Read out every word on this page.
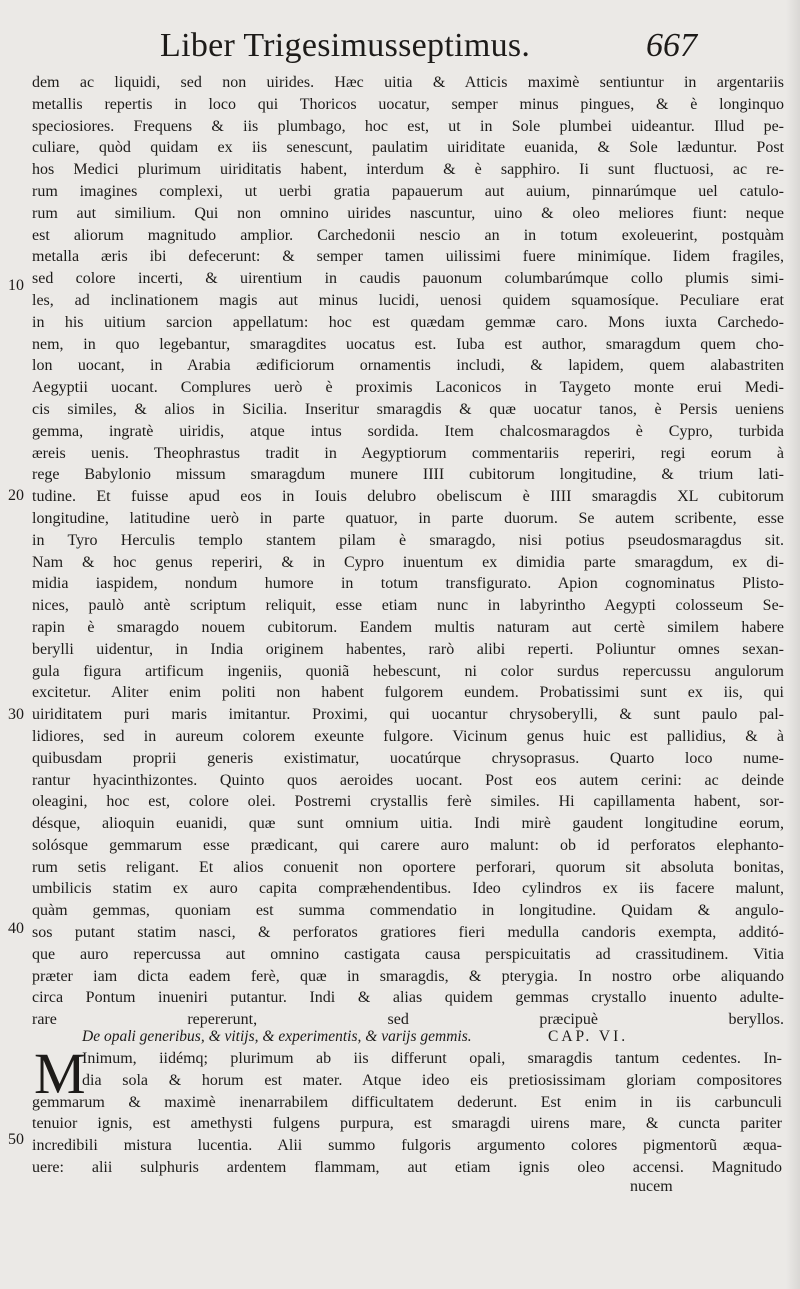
Liber Trigesimusseptimus.	667
10
20
30
40
50
dem ac liquidi, sed non uirides. Hæc uitia & Atticis maximè sentiuntur in argentariis
metallis repertis in loco qui Thoricos uocatur, semper minus pingues, & è longinquo
speciosiores. Frequens & iis plumbago, hoc est, ut in Sole plumbei uideantur. Illud pe-
culiare, quòd quidam ex iis senescunt, paulatim uiriditate euanida, & Sole læduntur. Post
hos Medici plurimum uiriditatis habent, interdum & è sapphiro. Ii sunt fluctuosi, ac re-
rum imagines complexi, ut uerbi gratia papauerum aut auium, pinnarúmque uel catulo-
rum aut similium. Qui non omnino uirides nascuntur, uino & oleo meliores fiunt: neque
est aliorum magnitudo amplior. Carchedonii nescio an in totum exoleuerint, postquàm
metalla æris ibi defecerunt: & semper tamen uilissimi fuere minimíque. Iidem fragiles,
sed colore incerti, & uirentium in caudis pauonum columbarúmque collo plumis simi-
les, ad inclinationem magis aut minus lucidi, uenosi quidem squamosíque. Peculiare erat
in his uitium sarcion appellatum: hoc est quædam gemmæ caro. Mons iuxta Carchedo-
nem, in quo legebantur, smaragdites uocatus est. Iuba est author, smaragdum quem cho-
lon uocant, in Arabia ædificiorum ornamentis includi, & lapidem, quem alabastriten
Aegyptii uocant. Complures uerò è proximis Laconicos in Taygeto monte erui Medi-
cis similes, & alios in Sicilia. Inseritur smaragdis & quæ uocatur tanos, è Persis ueniens
gemma, ingratè uiridis, atque intus sordida. Item chalcosmaragdos è Cypro, turbida
æreis uenis. Theophrastus tradit in Aegyptiorum commentariis reperiri, regi eorum à
rege Babylonio missum smaragdum munere IIII cubitorum longitudine, & trium lati-
tudine. Et fuisse apud eos in Iouis delubro obeliscum è IIII smaragdis XL cubitorum
longitudine, latitudine uerò in parte quatuor, in parte duorum. Se autem scribente, esse
in Tyro Herculis templo stantem pilam è smaragdo, nisi potius pseudosmaragdus sit.
Nam & hoc genus reperiri, & in Cypro inuentum ex dimidia parte smaragdum, ex di-
midia iaspidem, nondum humore in totum transfigurato. Apion cognominatus Plisto-
nices, paulò antè scriptum reliquit, esse etiam nunc in labyrintho Aegypti colosseum Se-
rapin è smaragdo nouem cubitorum. Eandem multis naturam aut certè similem habere
berylli uidentur, in India originem habentes, rarò alibi reperti. Poliuntur omnes sexan-
gula figura artificum ingeniis, quoniã hebescunt, ni color surdus repercussu angulorum
excitetur. Aliter enim politi non habent fulgorem eundem. Probatissimi sunt ex iis, qui
uiriditatem puri maris imitantur. Proximi, qui uocantur chrysoberylli, & sunt paulo pal-
lidiores, sed in aureum colorem exeunte fulgore. Vicinum genus huic est pallidius, & à
quibusdam proprii generis existimatur, uocatúrque chrysoprasus. Quarto loco nume-
rantur hyacinthizontes. Quinto quos aeroides uocant. Post eos autem cerini: ac deinde
oleagini, hoc est, colore olei. Postremi crystallis ferè similes. Hi capillamenta habent, sor-
désque, alioquin euanidi, quæ sunt omnium uitia. Indi mirè gaudent longitudine eorum,
solósque gemmarum esse prædicant, qui carere auro malunt: ob id perforatos elephanto-
rum setis religant. Et alios conuenit non oportere perforari, quorum sit absoluta bonitas,
umbilicis statim ex auro capita compræhendentibus. Ideo cylindros ex iis facere malunt,
quàm gemmas, quoniam est summa commendatio in longitudine. Quidam & angulo-
sos putant statim nasci, & perforatos gratiores fieri medulla candoris exempta, additó-
que auro repercussa aut omnino castigata causa perspicuitatis ad crassitudinem. Vitia
præter iam dicta eadem ferè, quæ in smaragdis, & pterygia. In nostro orbe aliquando
circa Pontum inueniri putantur. Indi & alias quidem gemmas crystallo inuento adulte-
rare repererunt, sed præcipuè beryllos.
De opali generibus, & vitijs, & experimentis, & varijs gemmis.	CAP. VI.
M
Inimum, iidémq; plurimum ab iis differunt opali, smaragdis tantum cedentes. In-
dia sola & horum est mater. Atque ideo eis pretiosissimam gloriam compositores
gemmarum & maximè inenarrabilem difficultatem dederunt. Est enim in iis carbunculi
tenuior ignis, est amethysti fulgens purpura, est smaragdi uirens mare, & cuncta pariter
incredibili mistura lucentia. Alii summo fulgoris argumento colores pigmentorũ æqua-
uere: alii sulphuris ardentem flammam, aut etiam ignis oleo accensi. Magnitudo
nucem
